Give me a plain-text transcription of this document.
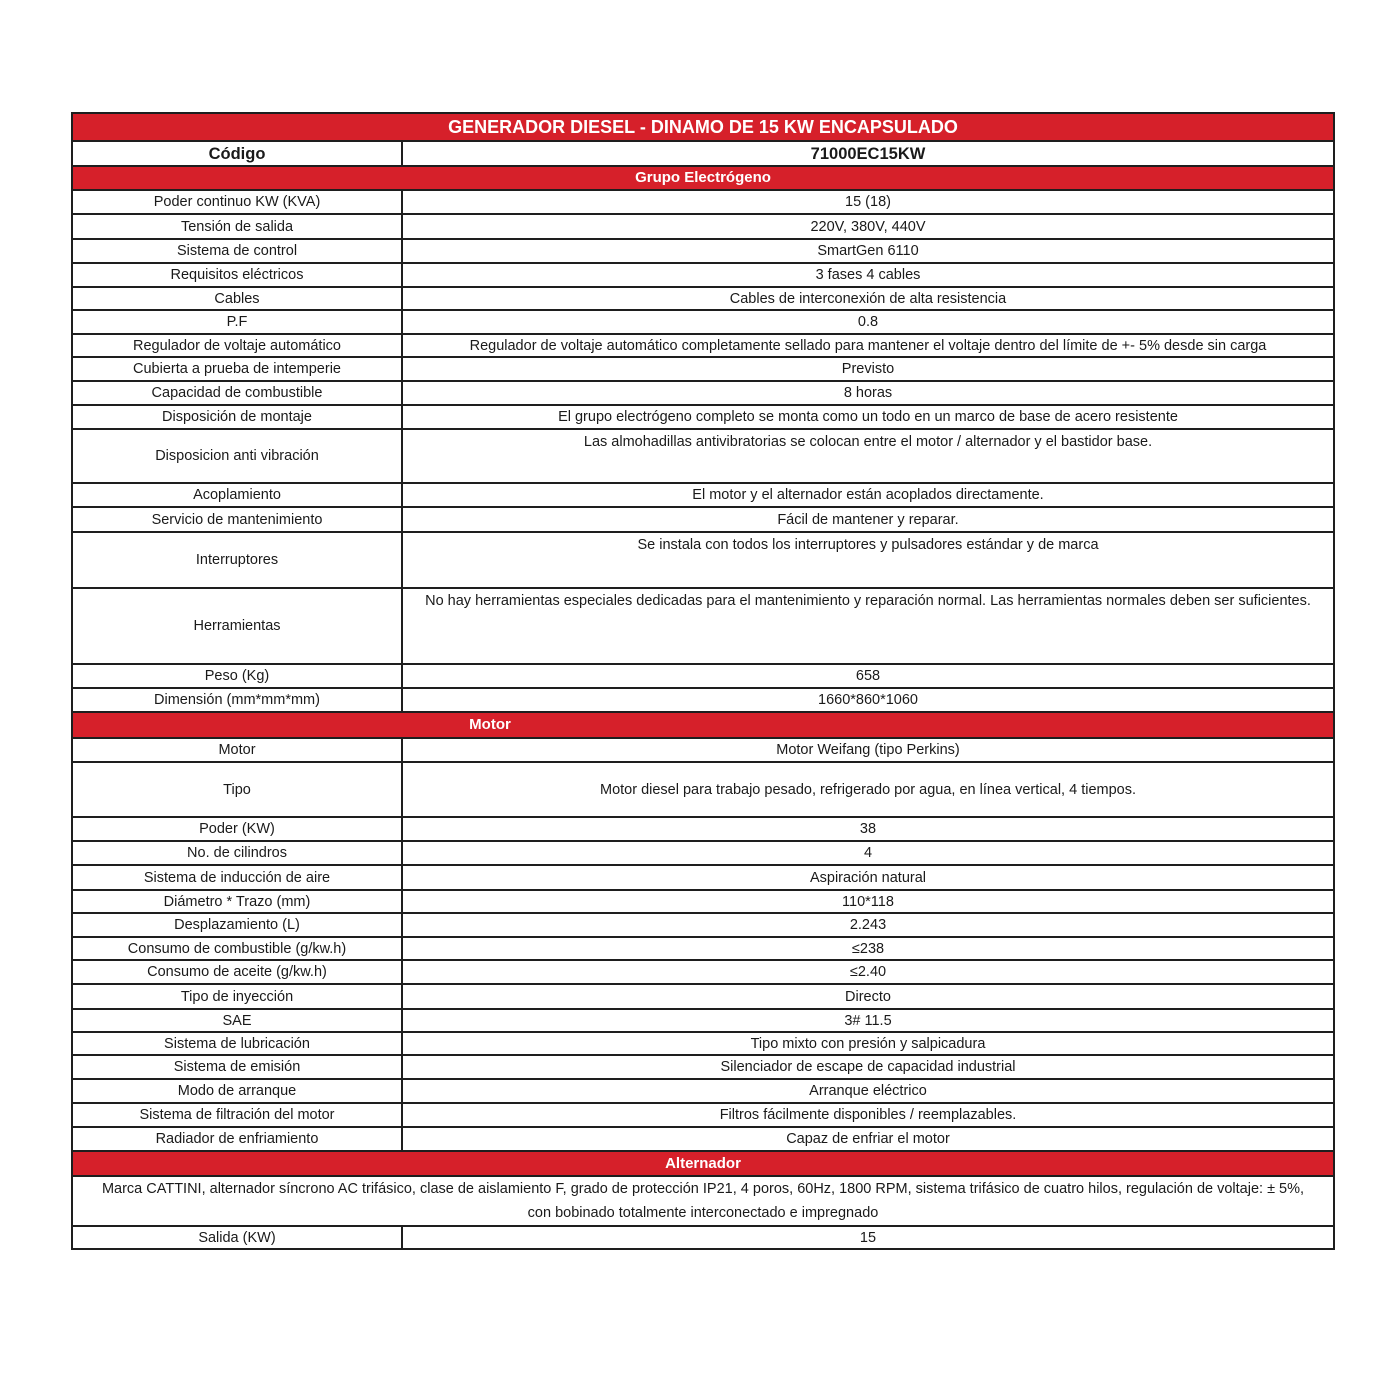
GENERADOR DIESEL - DINAMO DE 15 KW ENCAPSULADO	
Código	71000EC15KW
Grupo Electrógeno	
Poder continuo KW (KVA)	15 (18)
Tensión de salida	220V, 380V, 440V
Sistema de control	SmartGen 6110
Requisitos eléctricos	3 fases 4 cables
Cables	Cables de interconexión de alta resistencia
P.F	0.8
Regulador de voltaje automático	Regulador de voltaje automático completamente sellado para mantener el voltaje dentro del límite de +- 5% desde sin carga
Cubierta a prueba de intemperie	Previsto
Capacidad de combustible	8 horas
Disposición de montaje	El grupo electrógeno completo se monta como un todo en un marco de base de acero resistente
Disposicion anti vibración	Las almohadillas antivibratorias se colocan entre el motor / alternador y el bastidor base.
Acoplamiento	El motor y el alternador están acoplados directamente.
Servicio de mantenimiento	Fácil de mantener y reparar.
Interruptores	Se instala con todos los interruptores y pulsadores estándar y de marca
Herramientas	No hay herramientas especiales dedicadas para el mantenimiento y reparación normal. Las herramientas normales deben ser suficientes.
Peso (Kg)	658
Dimensión (mm*mm*mm)	1660*860*1060
Motor	
Motor	Motor Weifang (tipo Perkins)
Tipo	Motor diesel para trabajo pesado, refrigerado por agua, en línea vertical, 4 tiempos.
Poder (KW)	38
No. de cilindros	4
Sistema de inducción de aire	Aspiración natural
Diámetro * Trazo (mm)	110*118
Desplazamiento (L)	2.243
Consumo de combustible (g/kw.h)	≤238
Consumo de aceite (g/kw.h)	≤2.40
Tipo de inyección	Directo
SAE	3# 11.5
Sistema de lubricación	Tipo mixto con presión y salpicadura
Sistema de emisión	Silenciador de escape de capacidad industrial
Modo de arranque	Arranque eléctrico
Sistema de filtración del motor	Filtros fácilmente disponibles / reemplazables.
Radiador de enfriamiento	Capaz de enfriar el motor
Alternador	
Marca CATTINI, alternador síncrono AC trifásico, clase de aislamiento F, grado de protección IP21, 4 poros, 60Hz, 1800 RPM, sistema trifásico de cuatro hilos, regulación de voltaje: ± 5%, con bobinado totalmente interconectado e impregnado	
Salida (KW)	15
